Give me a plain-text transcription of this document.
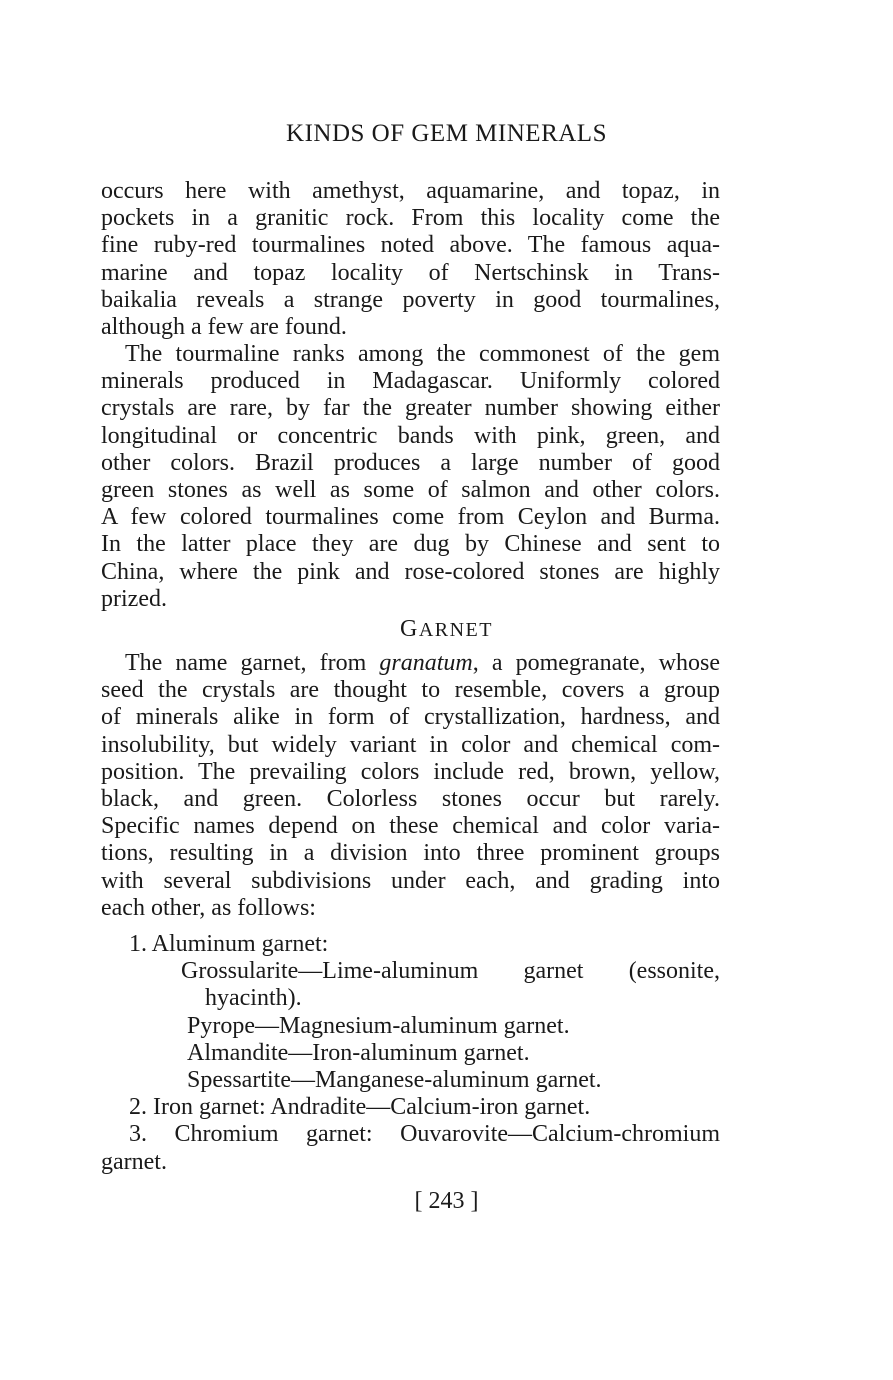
KINDS OF GEM MINERALS

occurs here with amethyst, aquamarine, and topaz, in

pockets in a granitic rock. From this locality come the

fine ruby-red tourmalines noted above. The famous aqua-

marine and topaz locality of Nertschinsk in Trans-

baikalia reveals a strange poverty in good tourmalines,

although a few are found.

The tourmaline ranks among the commonest of the gem

minerals produced in Madagascar. Uniformly colored

crystals are rare, by far the greater number showing either

longitudinal or concentric bands with pink, green, and

other colors. Brazil produces a large number of good

green stones as well as some of salmon and other colors.

A few colored tourmalines come from Ceylon and Burma.

In the latter place they are dug by Chinese and sent to

China, where the pink and rose-colored stones are highly

prized.

GARNET

The name garnet, from granatum, a pomegranate, whose

seed the crystals are thought to resemble, covers a group

of minerals alike in form of crystallization, hardness, and

insolubility, but widely variant in color and chemical com-

position. The prevailing colors include red, brown, yellow,

black, and green. Colorless stones occur but rarely.

Specific names depend on these chemical and color varia-

tions, resulting in a division into three prominent groups

with several subdivisions under each, and grading into

each other, as follows:

1. Aluminum garnet:
Grossularite—Lime-aluminum garnet (essonite,
hyacinth).
Pyrope—Magnesium-aluminum garnet.
Almandite—Iron-aluminum garnet.
Spessartite—Manganese-aluminum garnet.
2. Iron garnet: Andradite—Calcium-iron garnet.
3. Chromium garnet: Ouvarovite—Calcium-chromium
garnet.
[ 243 ]
